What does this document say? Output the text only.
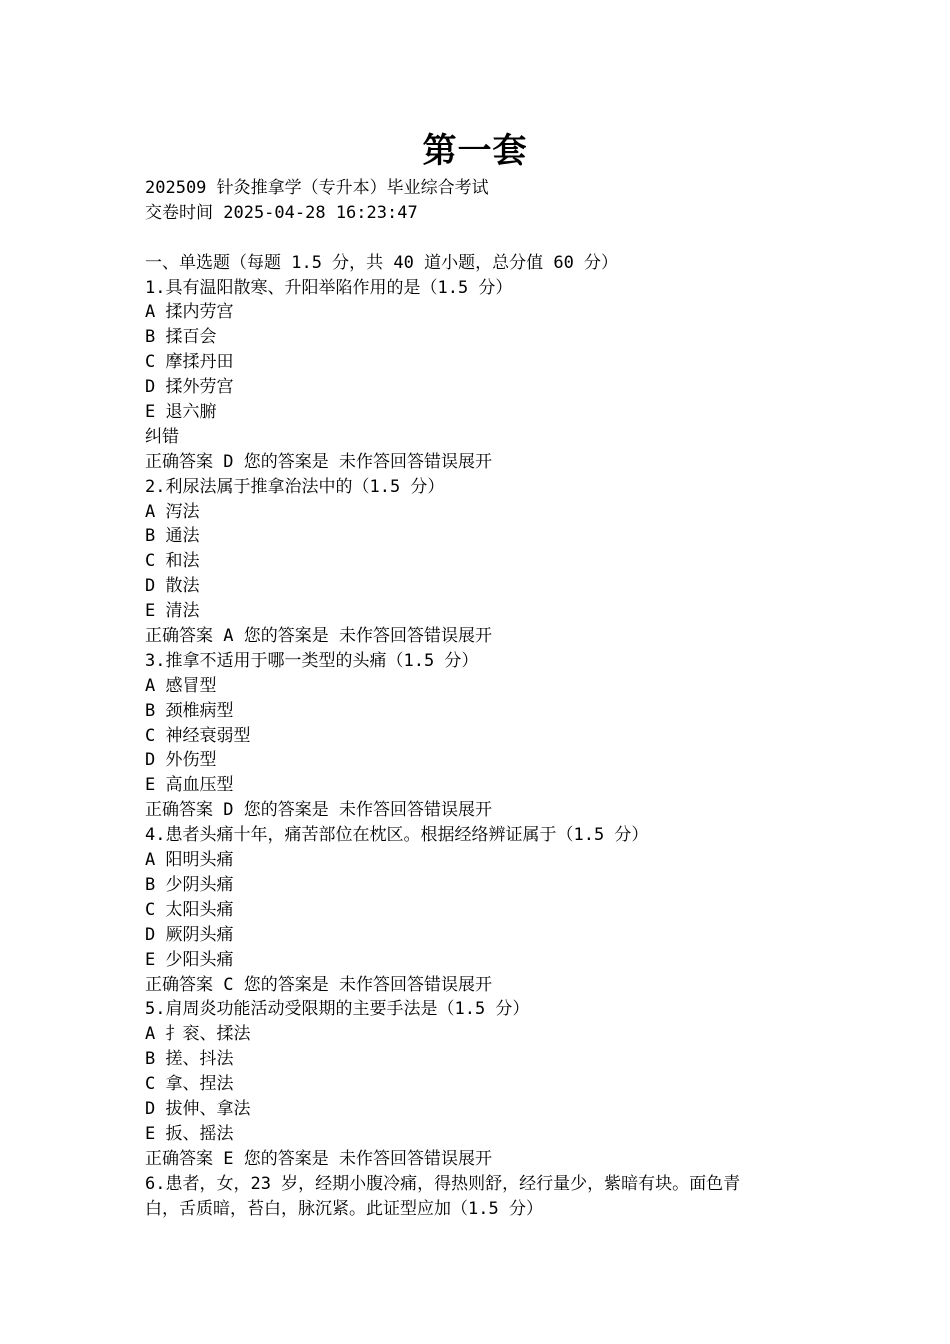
第一套
202509 针灸推拿学（专升本）毕业综合考试
交卷时间 2025-04-28 16:23:47
一、单选题（每题 1.5 分，共 40 道小题，总分值 60 分）
1.具有温阳散寒、升阳举陷作用的是（1.5 分）
A 揉内劳宫
B 揉百会
C 摩揉丹田
D 揉外劳宫
E 退六腑
纠错
正确答案 D 您的答案是 未作答回答错误展开
2.利尿法属于推拿治法中的（1.5 分）
A 泻法
B 通法
C 和法
D 散法
E 清法
正确答案 A 您的答案是 未作答回答错误展开
3.推拿不适用于哪一类型的头痛（1.5 分）
A 感冒型
B 颈椎病型
C 神经衰弱型
D 外伤型
E 高血压型
正确答案 D 您的答案是 未作答回答错误展开
4.患者头痛十年，痛苦部位在枕区。根据经络辨证属于（1.5 分）
A 阳明头痛
B 少阴头痛
C 太阳头痛
D 厥阴头痛
E 少阳头痛
正确答案 C 您的答案是 未作答回答错误展开
5.肩周炎功能活动受限期的主要手法是（1.5 分）
A 扌衮、揉法
B 搓、抖法
C 拿、捏法
D 拔伸、拿法
E 扳、摇法
正确答案 E 您的答案是 未作答回答错误展开
6.患者，女，23 岁，经期小腹冷痛，得热则舒，经行量少，紫暗有块。面色青
白，舌质暗，苔白，脉沉紧。此证型应加（1.5 分）
